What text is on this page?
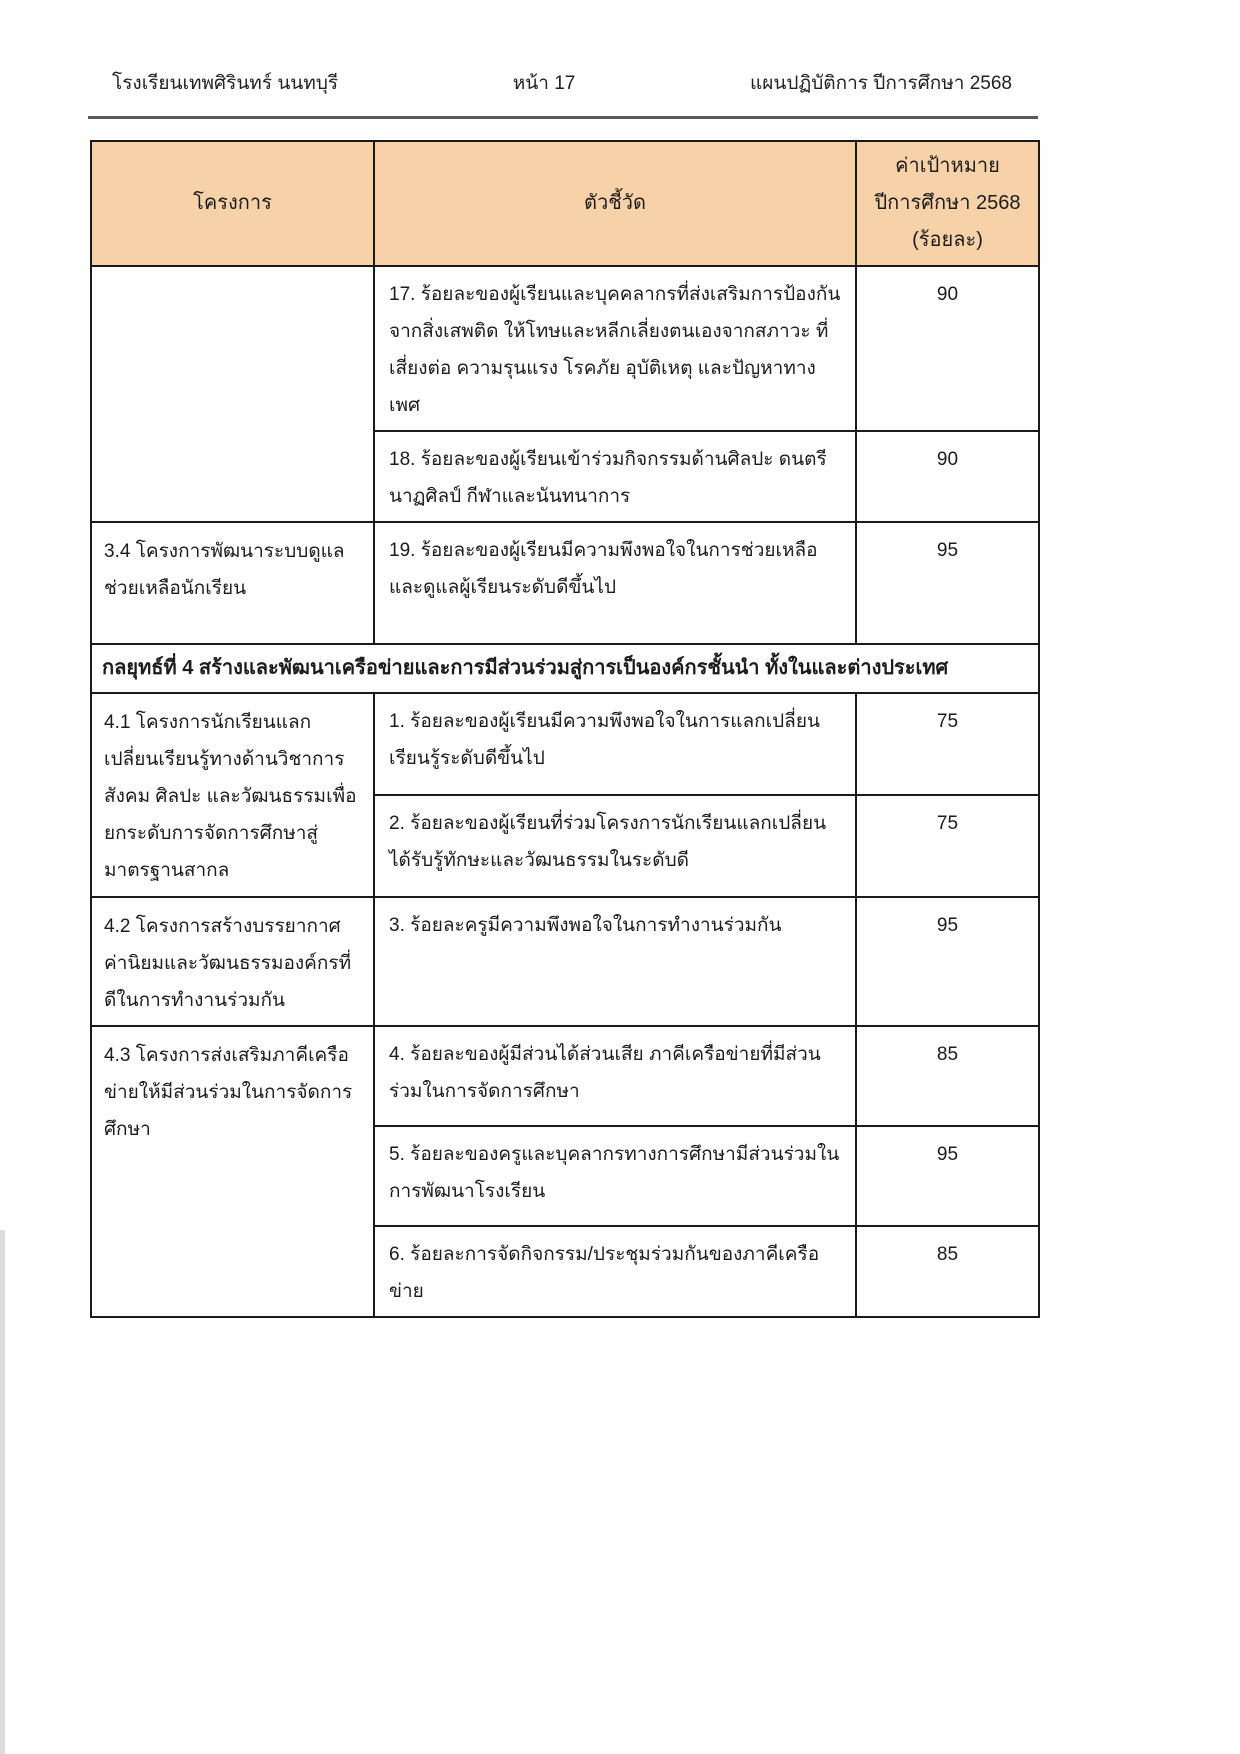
โรงเรียนเทพศิรินทร์ นนทบุรี	หน้า 17	แผนปฏิบัติการ ปีการศึกษา 2568
โครงการ	ตัวชี้วัด	ค่าเป้าหมาย
ปีการศึกษา 2568
(ร้อยละ)

	17. ร้อยละของผู้เรียนและบุคคลากรที่ส่งเสริมการป้องกันจากสิ่งเสพติด ให้โทษและหลีกเลี่ยงตนเองจากสภาวะ ที่เสี่ยงต่อ ความรุนแรง โรคภัย อุบัติเหตุ และปัญหาทางเพศ	90
	18. ร้อยละของผู้เรียนเข้าร่วมกิจกรรมด้านศิลปะ ดนตรี นาฏศิลป์ กีฬาและนันทนาการ	90
3.4 โครงการพัฒนาระบบดูแลช่วยเหลือนักเรียน	19. ร้อยละของผู้เรียนมีความพึงพอใจในการช่วยเหลือและดูแลผู้เรียนระดับดีขึ้นไป	95
กลยุทธ์ที่ 4 สร้างและพัฒนาเครือข่ายและการมีส่วนร่วมสู่การเป็นองค์กรชั้นนำ ทั้งในและต่างประเทศ		
4.1 โครงการนักเรียนแลกเปลี่ยนเรียนรู้ทางด้านวิชาการ สังคม ศิลปะ และวัฒนธรรมเพื่อยกระดับการจัดการศึกษาสู่มาตรฐานสากล	1. ร้อยละของผู้เรียนมีความพึงพอใจในการแลกเปลี่ยนเรียนรู้ระดับดีขึ้นไป	75
	2. ร้อยละของผู้เรียนที่ร่วมโครงการนักเรียนแลกเปลี่ยนได้รับรู้ทักษะและวัฒนธรรมในระดับดี	75
4.2 โครงการสร้างบรรยากาศ ค่านิยมและวัฒนธรรมองค์กรที่ดีในการทำงานร่วมกัน	3. ร้อยละครูมีความพึงพอใจในการทำงานร่วมกัน	95
4.3 โครงการส่งเสริมภาคีเครือข่ายให้มีส่วนร่วมในการจัดการศึกษา	4. ร้อยละของผู้มีส่วนได้ส่วนเสีย ภาคีเครือข่ายที่มีส่วนร่วมในการจัดการศึกษา	85
	5. ร้อยละของครูและบุคลากรทางการศึกษามีส่วนร่วมในการพัฒนาโรงเรียน	95
	6. ร้อยละการจัดกิจกรรม/ประชุมร่วมกันของภาคีเครือข่าย	85
